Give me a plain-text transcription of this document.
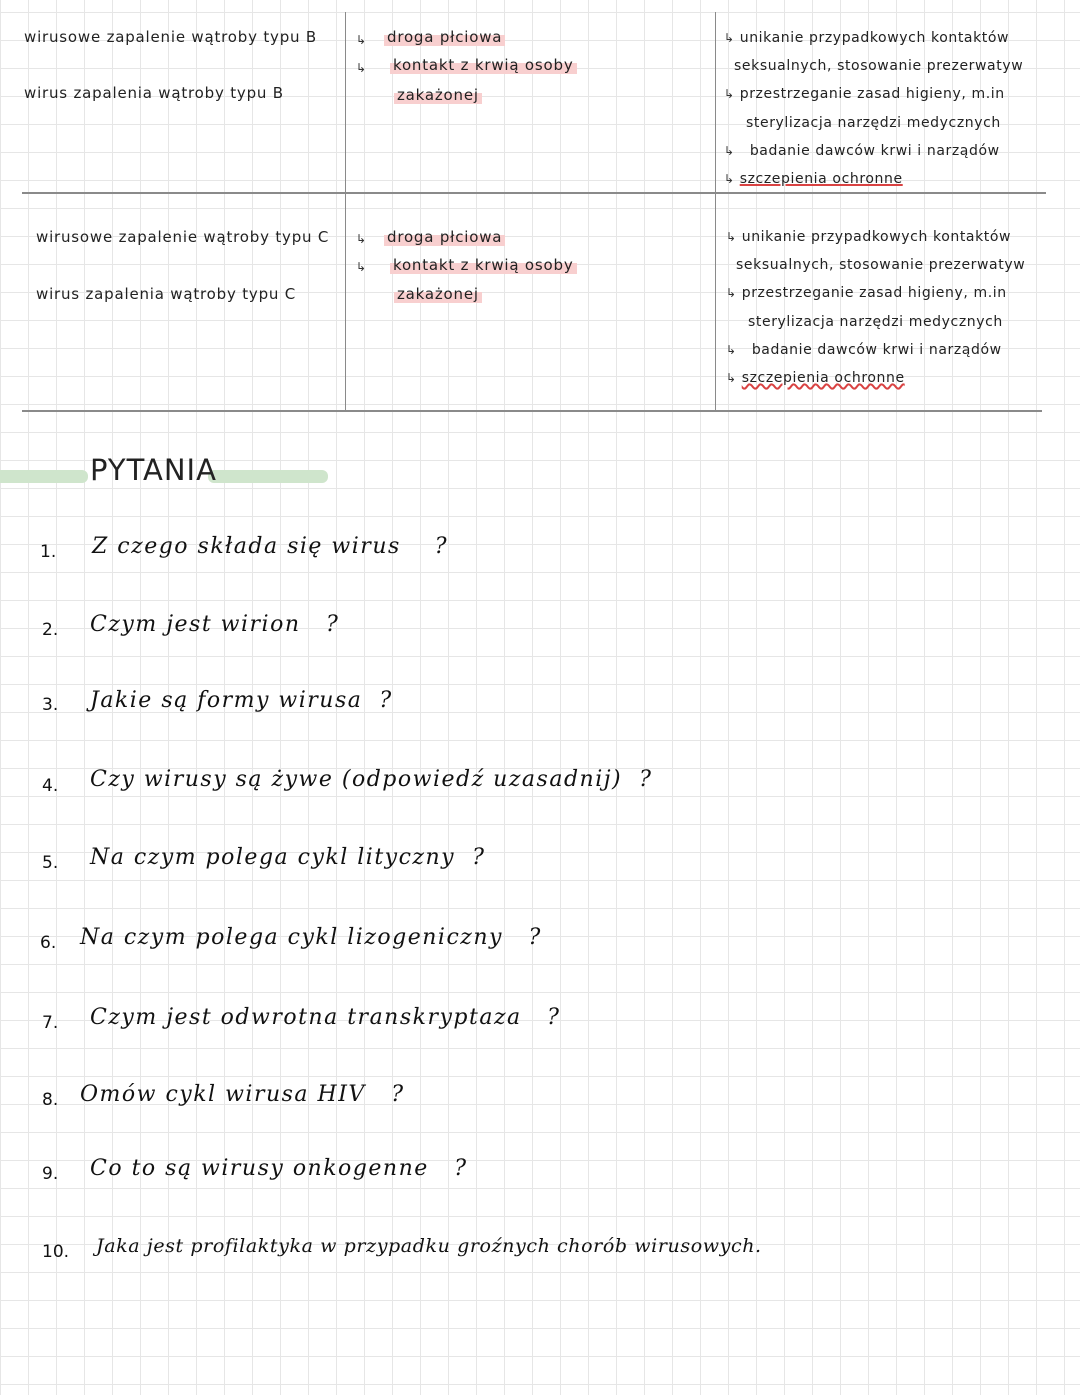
wirusowe zapalenie wątroby typu B
wirus zapalenia wątroby typu B
↳
↳
droga płciowa
kontakt z krwią osoby
zakażonej
↳ unikanie przypadkowych kontaktów
seksualnych, stosowanie prezerwatyw
↳ przestrzeganie zasad higieny, m.in
sterylizacja narzędzi medycznych
↳ badanie dawców krwi i narządów
↳ szczepienia ochronne
wirusowe zapalenie wątroby typu C
wirus zapalenia wątroby typu C
↳
↳
droga płciowa
kontakt z krwią osoby
zakażonej
↳ unikanie przypadkowych kontaktów
seksualnych, stosowanie prezerwatyw
↳ przestrzeganie zasad higieny, m.in
sterylizacja narzędzi medycznych
↳ badanie dawców krwi i narządów
↳ szczepienia ochronne
PYTANIA
1. Z czego składa się wirus ?
2. Czym jest wirion ?
3. Jakie są formy wirusa ?
4. Czy wirusy są żywe (odpowiedź uzasadnij) ?
5. Na czym polega cykl lityczny ?
6. Na czym polega cykl lizogeniczny ?
7. Czym jest odwrotna transkryptaza ?
8. Omów cykl wirusa HIV ?
9. Co to są wirusy onkogenne ?
10. Jaka jest profilaktyka w przypadku groźnych chorób wirusowych.
